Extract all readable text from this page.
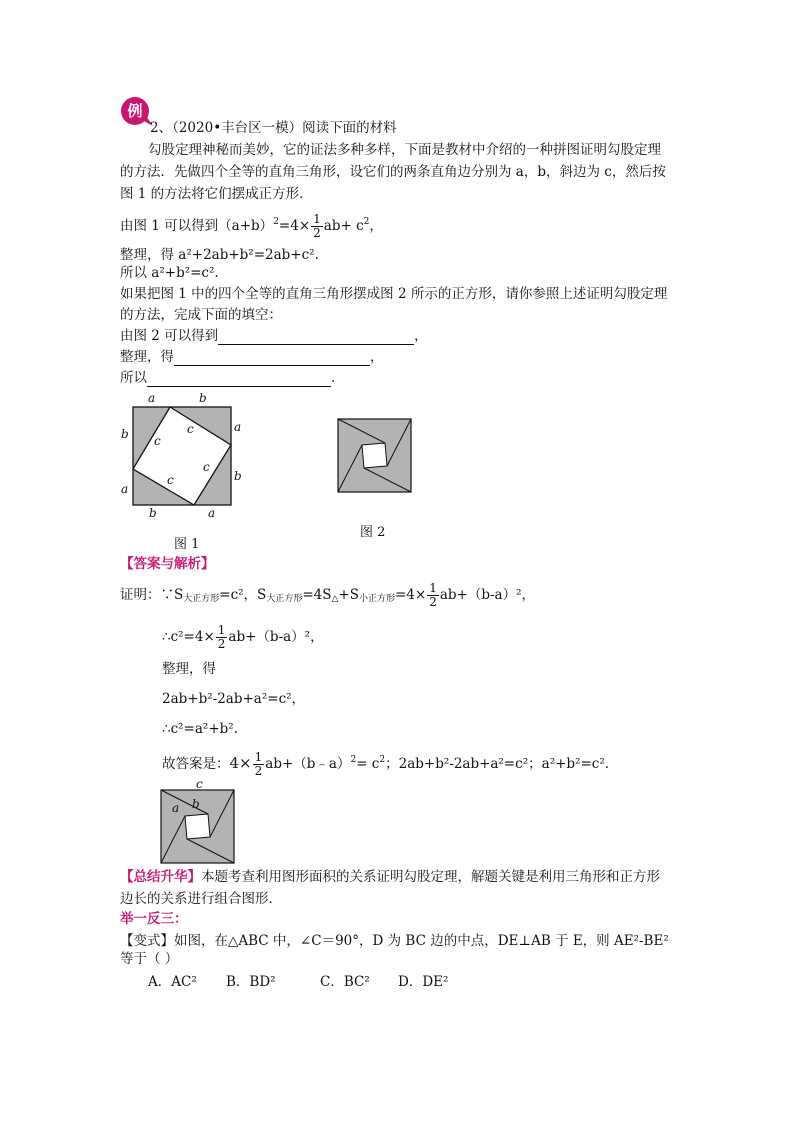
例
2、（2020•丰台区一模）阅读下面的材料
勾股定理神秘而美妙，它的证法多种多样，下面是教材中介绍的一种拼图证明勾股定理
的方法．先做四个全等的直角三角形，设它们的两条直角边分别为 a，b，斜边为 c，然后按
图 1 的方法将它们摆成正方形．
由图 1 可以得到$(a+b)^2=4\times \frac{1}{2} ab+ c^2$，
整理，得 a²+2ab+b²=2ab+c².
所以 a²+b²=c².
如果把图 1 中的四个全等的直角三角形摆成图 2 所示的正方形，请你参照上述证明勾股定理
的方法，完成下面的填空：
由图 2 可以得到	，
整理，得	，
所以	.
a	b
a
b
a
b
b	a
c
c
c
c
图 1
图 2
【答案与解析】
证明：$\because S_{大正方形}=c^2$，$S_{大正方形}=4S_\triangle+S_{小正方形}=4\times \frac{1}{2} ab+(b-a)^2$，
∴c²=4× $\frac{1}{2} ab+(b-a)^2$，
整理，得
2ab+b²-2ab+a²=c²，
∴c²=a²+b².
故答案是：$4\times \frac{1}{2}$ ab+（b﹣a）$^2$= $c^2$；2ab+b²-2ab+a²=c²；a²+b²=c².
c
a b
【总结升华】本题考查利用图形面积的关系证明勾股定理，解题关键是利用三角形和正方形
边长的关系进行组合图形．
举一反三：
【变式】如图，在△ABC 中，∠C＝90°，D 为 BC 边的中点，DE⊥AB 于 E，则 AE²-BE²
等于（ ）
A．AC² B．BD²	C．BC² D．DE²
